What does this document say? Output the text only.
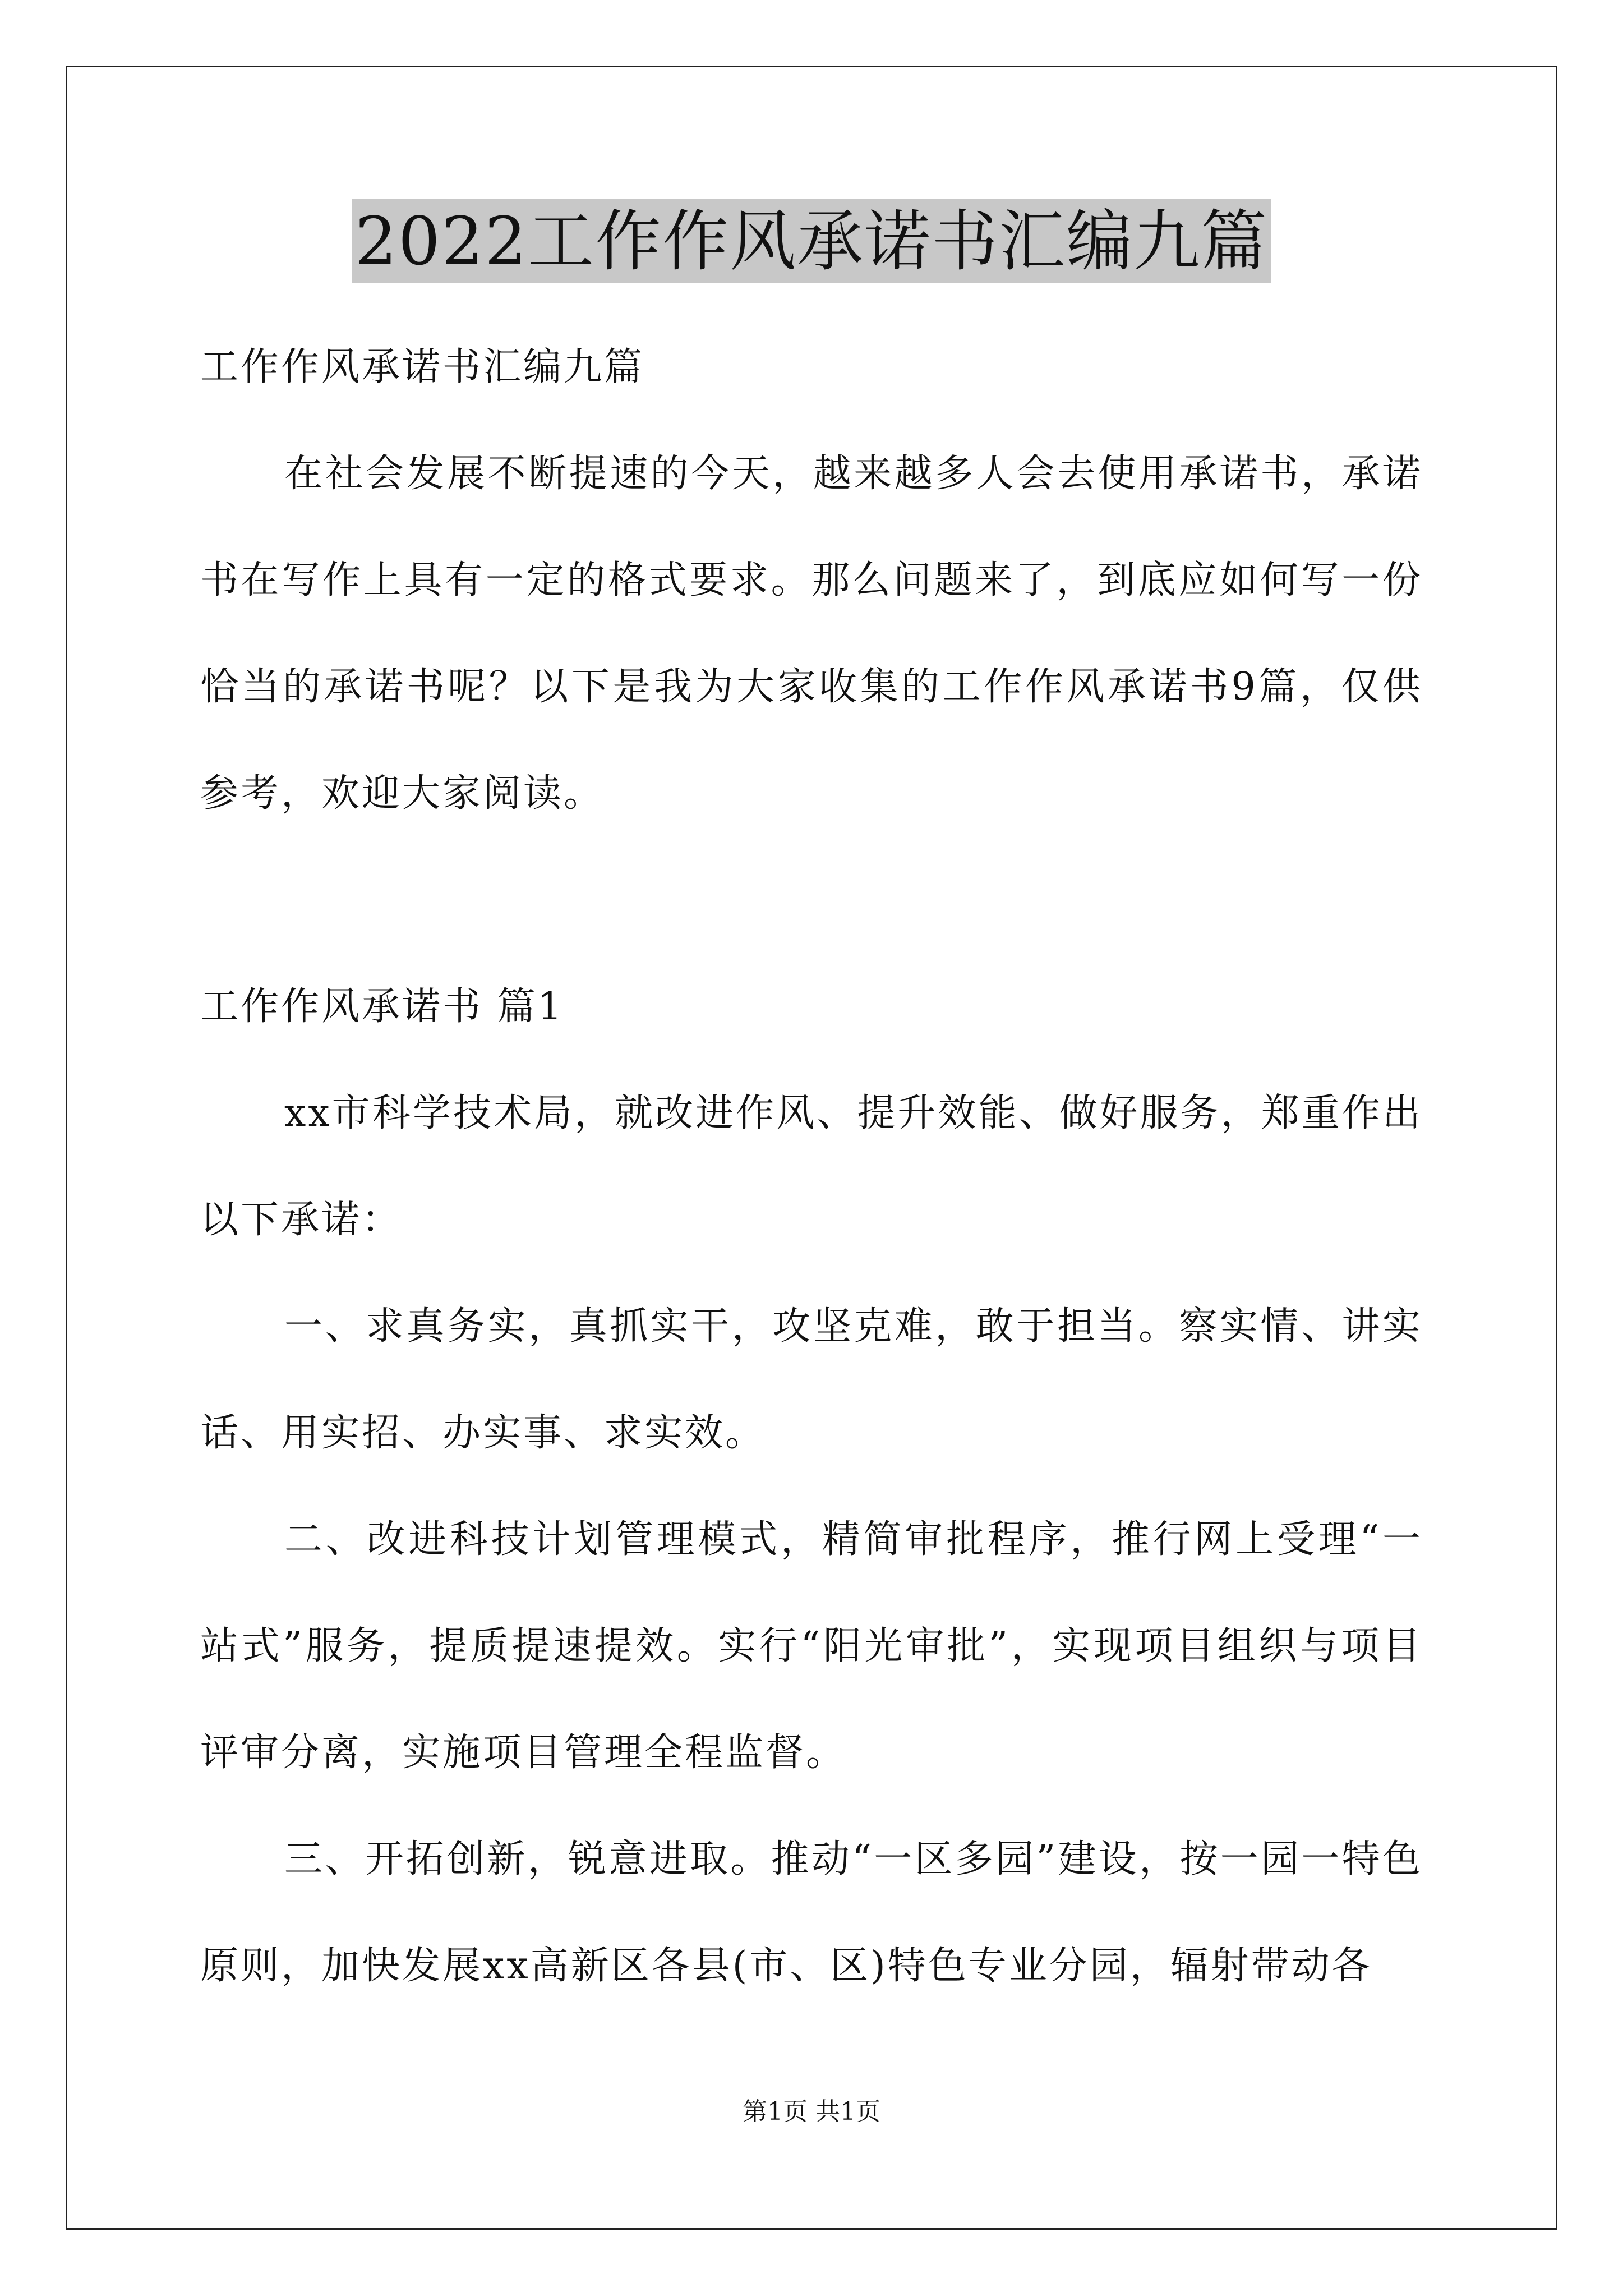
2022工作作风承诺书汇编九篇

工作作风承诺书汇编九篇

在社会发展不断提速的今天，越来越多人会去使用承诺书，承诺书在写作上具有一定的格式要求。那么问题来了，到底应如何写一份恰当的承诺书呢？以下是我为大家收集的工作作风承诺书9篇，仅供参考，欢迎大家阅读。

工作作风承诺书 篇1

xx市科学技术局，就改进作风、提升效能、做好服务，郑重作出以下承诺：

一、求真务实，真抓实干，攻坚克难，敢于担当。察实情、讲实话、用实招、办实事、求实效。

二、改进科技计划管理模式，精简审批程序，推行网上受理“一站式”服务，提质提速提效。实行“阳光审批”，实现项目组织与项目评审分离，实施项目管理全程监督。

三、开拓创新，锐意进取。推动“一区多园”建设，按一园一特色原则，加快发展xx高新区各县(市、区)特色专业分园，辐射带动各

第1页 共1页
